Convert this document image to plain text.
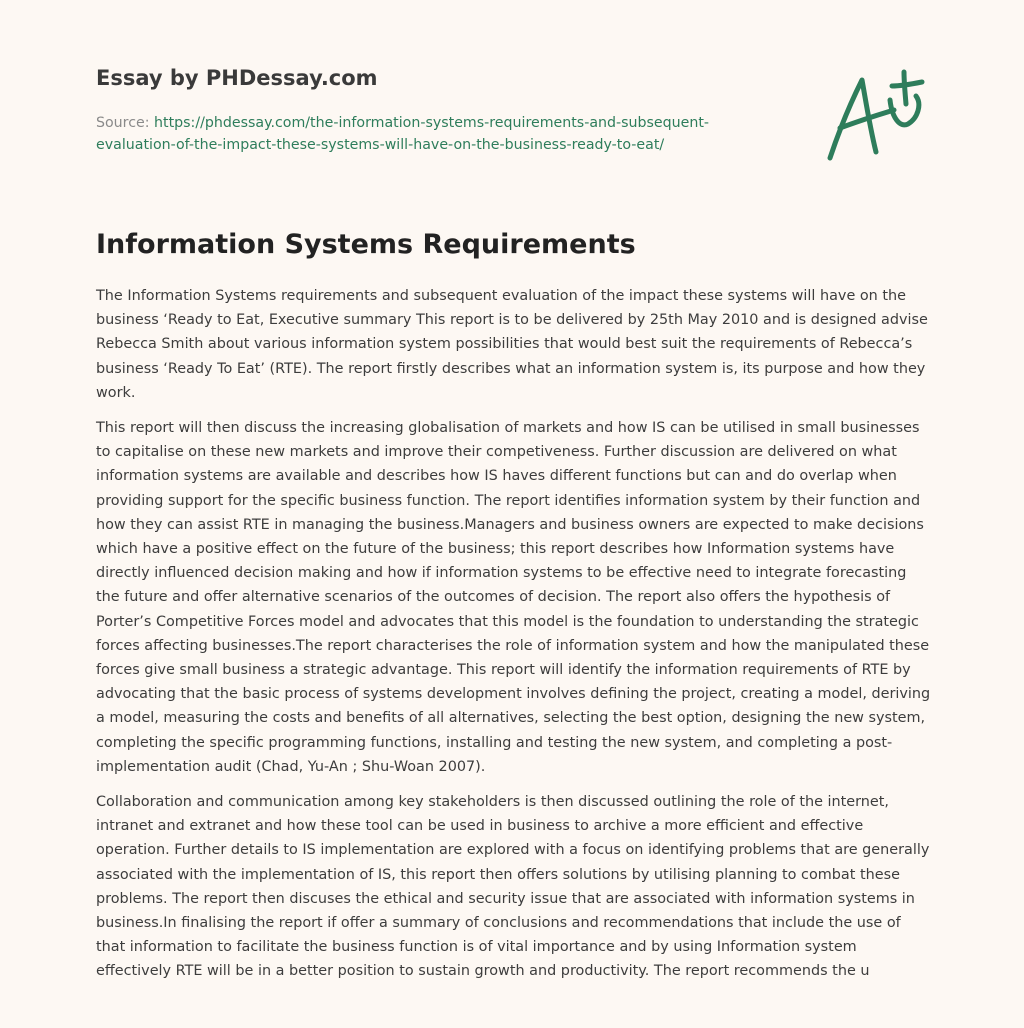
Essay by PHDessay.com
Source: https://phdessay.com/the-information-systems-requirements-and-subsequent-evaluation-of-the-impact-these-systems-will-have-on-the-business-ready-to-eat/
Information Systems Requirements

The Information Systems requirements and subsequent evaluation of the impact these systems will have on the business ‘Ready to Eat, Executive summary This report is to be delivered by 25th May 2010 and is designed advise Rebecca Smith about various information system possibilities that would best suit the requirements of Rebecca’s business ‘Ready To Eat’ (RTE). The report firstly describes what an information system is, its purpose and how they work.

This report will then discuss the increasing globalisation of markets and how IS can be utilised in small businesses to capitalise on these new markets and improve their competiveness. Further discussion are delivered on what information systems are available and describes how IS haves different functions but can and do overlap when providing support for the specific business function. The report identifies information system by their function and how they can assist RTE in managing the business.Managers and business owners are expected to make decisions which have a positive effect on the future of the business; this report describes how Information systems have directly influenced decision making and how if information systems to be effective need to integrate forecasting the future and offer alternative scenarios of the outcomes of decision. The report also offers the hypothesis of Porter’s Competitive Forces model and advocates that this model is the foundation to understanding the strategic forces affecting businesses.The report characterises the role of information system and how the manipulated these forces give small business a strategic advantage. This report will identify the information requirements of RTE by advocating that the basic process of systems development involves defining the project, creating a model, deriving a model, measuring the costs and benefits of all alternatives, selecting the best option, designing the new system, completing the specific programming functions, installing and testing the new system, and completing a post-implementation audit (Chad, Yu-An ; Shu-Woan 2007).

Collaboration and communication among key stakeholders is then discussed outlining the role of the internet, intranet and extranet and how these tool can be used in business to archive a more efficient and effective operation. Further details to IS implementation are explored with a focus on identifying problems that are generally associated with the implementation of IS, this report then offers solutions by utilising planning to combat these problems. The report then discuses the ethical and security issue that are associated with information systems in business.In finalising the report if offer a summary of conclusions and recommendations that include the use of that information to facilitate the business function is of vital importance and by using Information system effectively RTE will be in a better position to sustain growth and productivity. The report recommends the u
